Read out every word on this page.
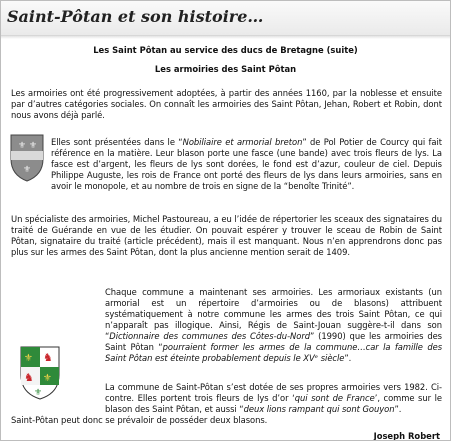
Saint-Pôtan et son histoire…
Les Saint Pôtan au service des ducs de Bretagne (suite)
Les armoiries des Saint Pôtan
Les armoiries ont été progressivement adoptées, à partir des années 1160, par la noblesse et ensuite par d’autres catégories sociales. On connaît les armoiries des Saint Pôtan, Jehan, Robert et Robin, dont nous avons déjà parlé.
⚜ ⚜
⚜
Elles sont présentées dans le “Nobiliaire et armorial breton” de Pol Potier de Courcy qui fait référence en la matière. Leur blason porte une fasce (une bande) avec trois fleurs de lys. La fasce est d’argent, les fleurs de lys sont dorées, le fond est d’azur, couleur de ciel. Depuis Philippe Auguste, les rois de France ont porté des fleurs de lys dans leurs armoiries, sans en avoir le monopole, et au nombre de trois en signe de la “benoîte Trinité”.
Un spécialiste des armoiries, Michel Pastoureau, a eu l’idée de répertorier les sceaux des signataires du traité de Guérande en vue de les étudier. On pouvait espérer y trouver le sceau de Robin de Saint Pôtan, signataire du traité (article précédent), mais il est manquant. Nous n’en apprendrons donc pas plus sur les armes des Saint Pôtan, dont la plus ancienne mention serait de 1409.
Chaque commune a maintenant ses armoiries. Les armoriaux existants (un armorial est un répertoire d’armoiries ou de blasons) attribuent systématiquement à notre commune les armes des trois Saint Pôtan, ce qui n’apparaît pas illogique. Ainsi, Régis de Saint-Jouan suggère-t-il dans son “Dictionnaire des communes des Côtes-du-Nord” (1990) que les armoiries des Saint Pôtan “pourraient former les armes de la commune…car la famille des Saint Pôtan est éteinte probablement depuis le XVᵉ siècle”.
⚜
⚜
♞
♞
⚜
La commune de Saint-Pôtan s’est dotée de ses propres armoiries vers 1982. Ci-contre. Elles portent trois fleurs de lys d’or ‘qui sont de France’, comme sur le blason des Saint Pôtan, et aussi “deux lions rampant qui sont Gouyon”.
Saint-Pôtan peut donc se prévaloir de posséder deux blasons.
Joseph Robert
